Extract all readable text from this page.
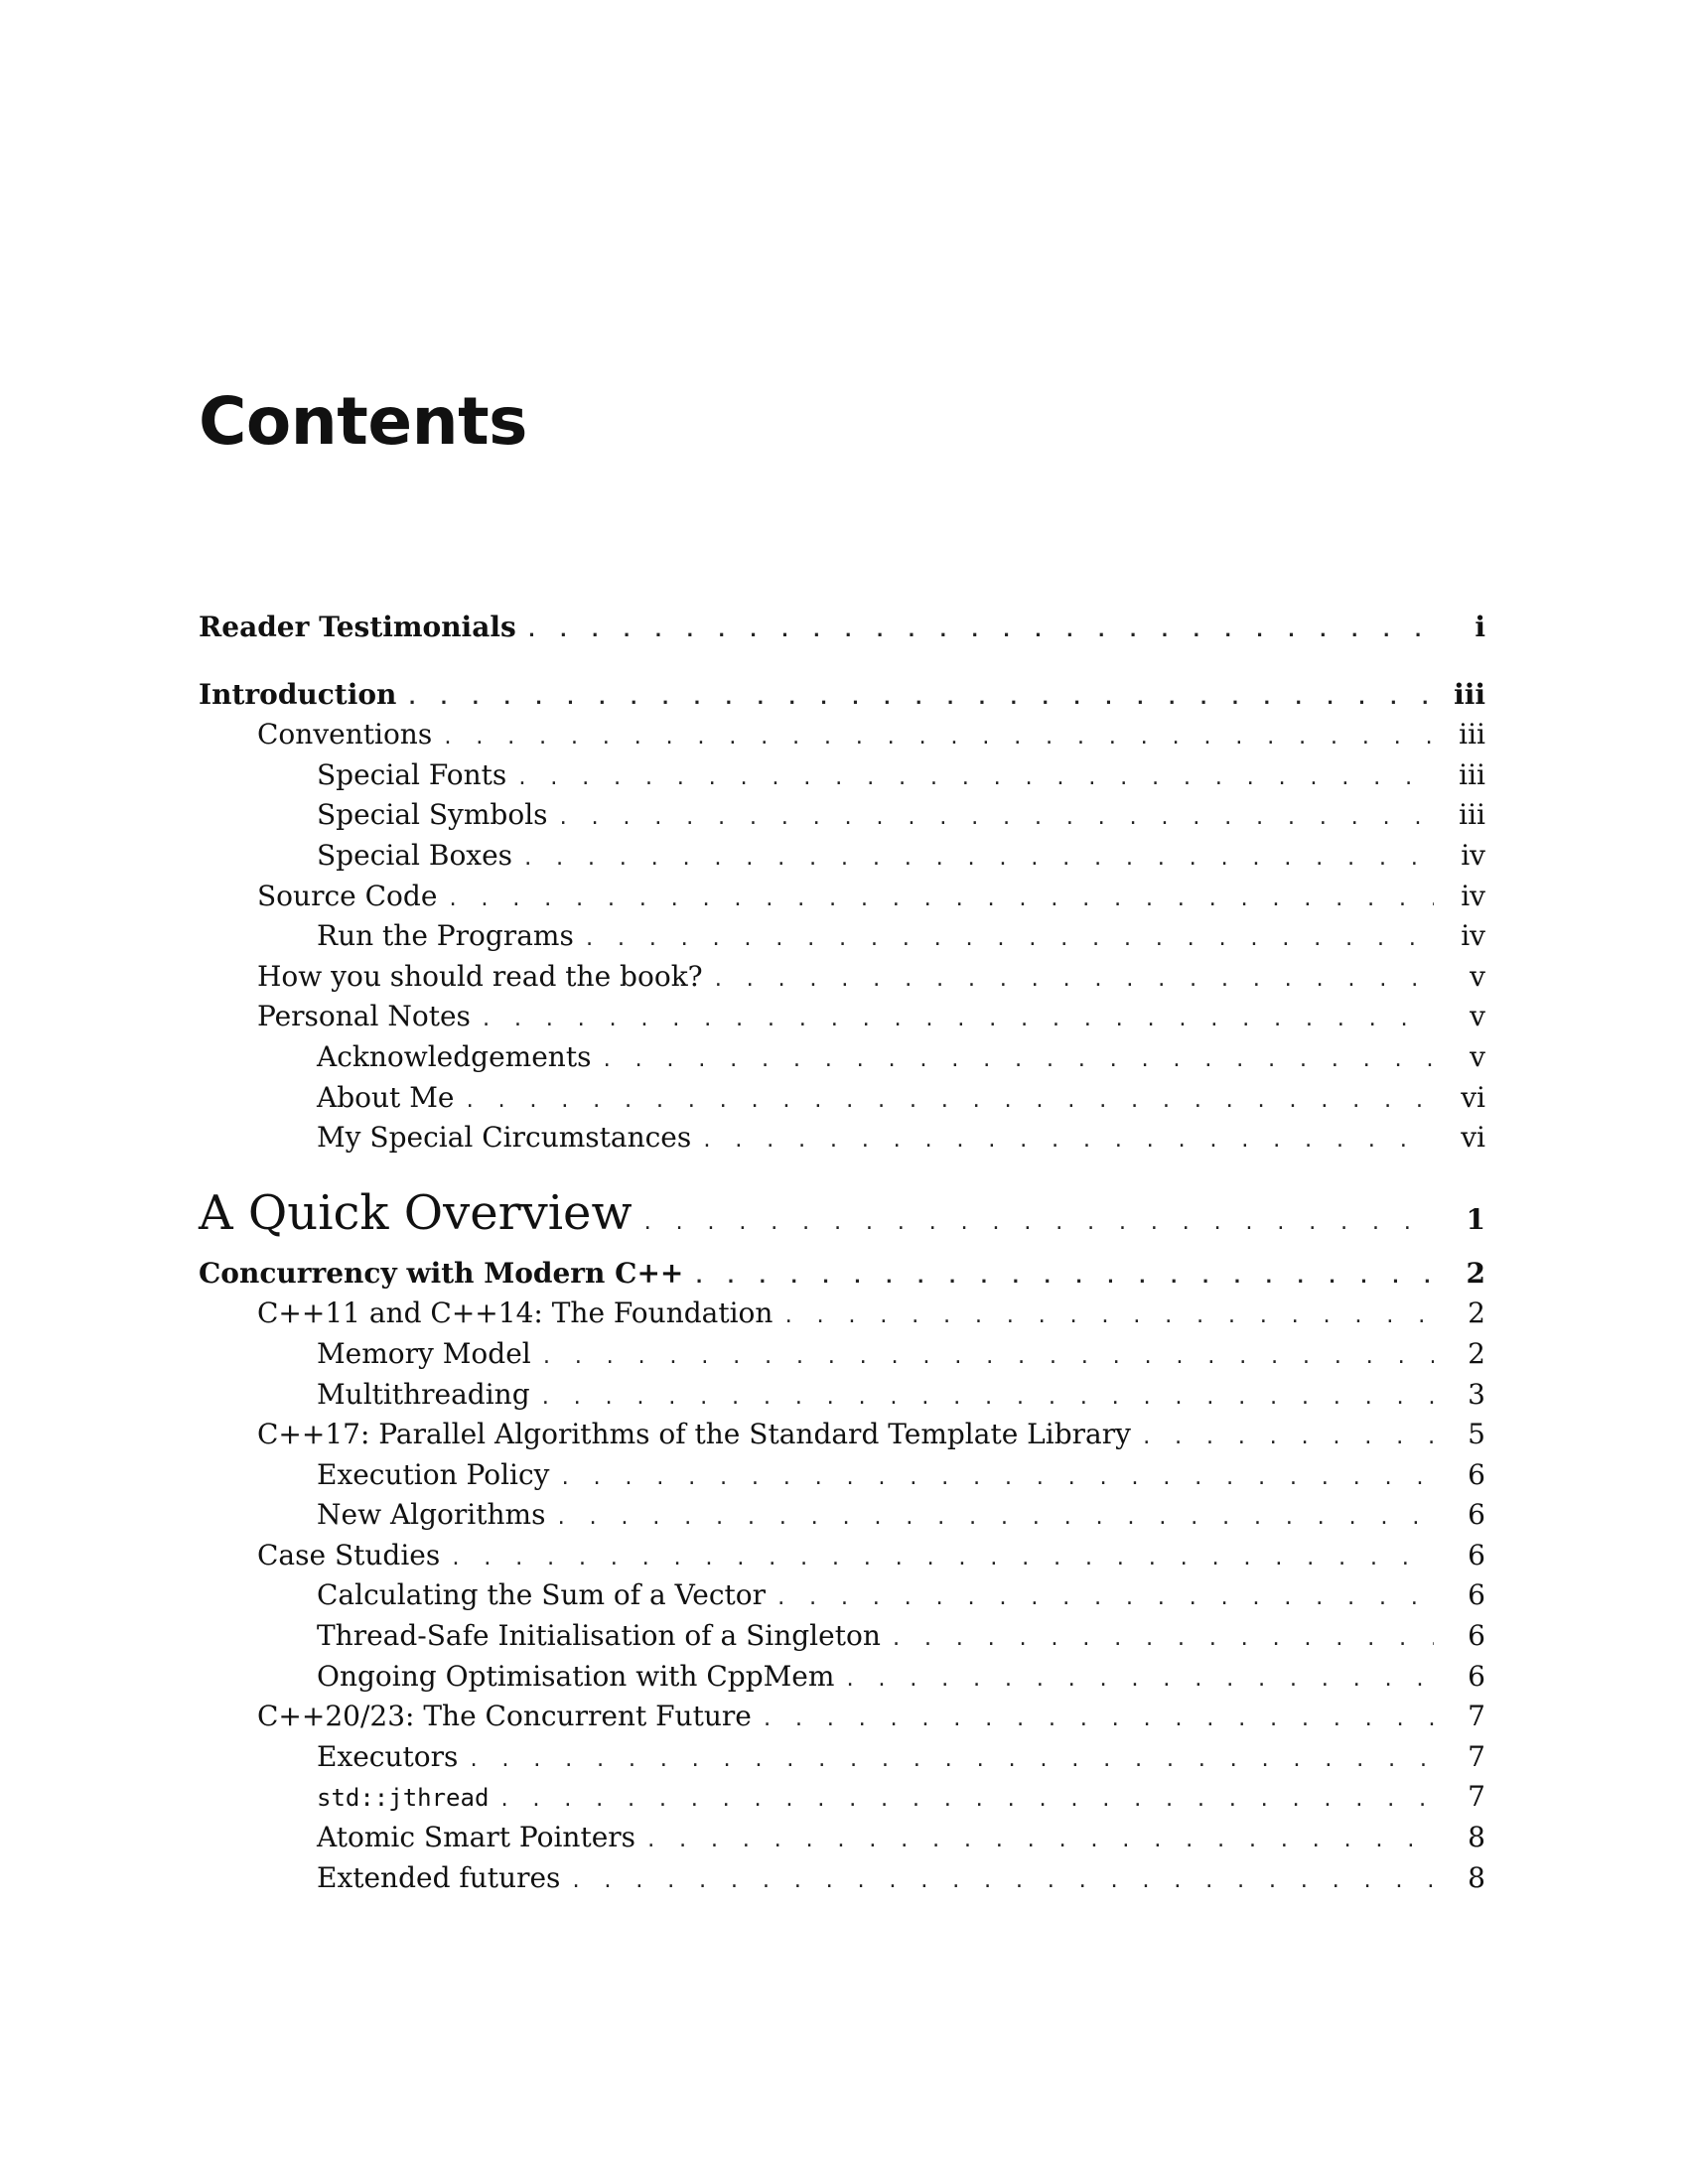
Contents
Reader Testimonials . . .	i
Introduction . . .	iii
Conventions . . .	iii
Special Fonts . . .	iii
Special Symbols . . .	iii
Special Boxes . . .	iv
Source Code . . .	iv
Run the Programs . . .	iv
How you should read the book? . . .	v
Personal Notes . . .	v
Acknowledgements . . .	v
About Me . . .	vi
My Special Circumstances . . .	vi
A Quick Overview . . .	1
Concurrency with Modern C++ . . .	2
C++11 and C++14: The Foundation . . .	2
Memory Model . . .	2
Multithreading . . .	3
C++17: Parallel Algorithms of the Standard Template Library . . .	5
Execution Policy . . .	6
New Algorithms . . .	6
Case Studies . . .	6
Calculating the Sum of a Vector . . .	6
Thread-Safe Initialisation of a Singleton . . .	6
Ongoing Optimisation with CppMem . . .	6
C++20/23: The Concurrent Future . . .	7
Executors . . .	7
std::jthread . . .	7
Atomic Smart Pointers . . .	8
Extended futures . . .	8
